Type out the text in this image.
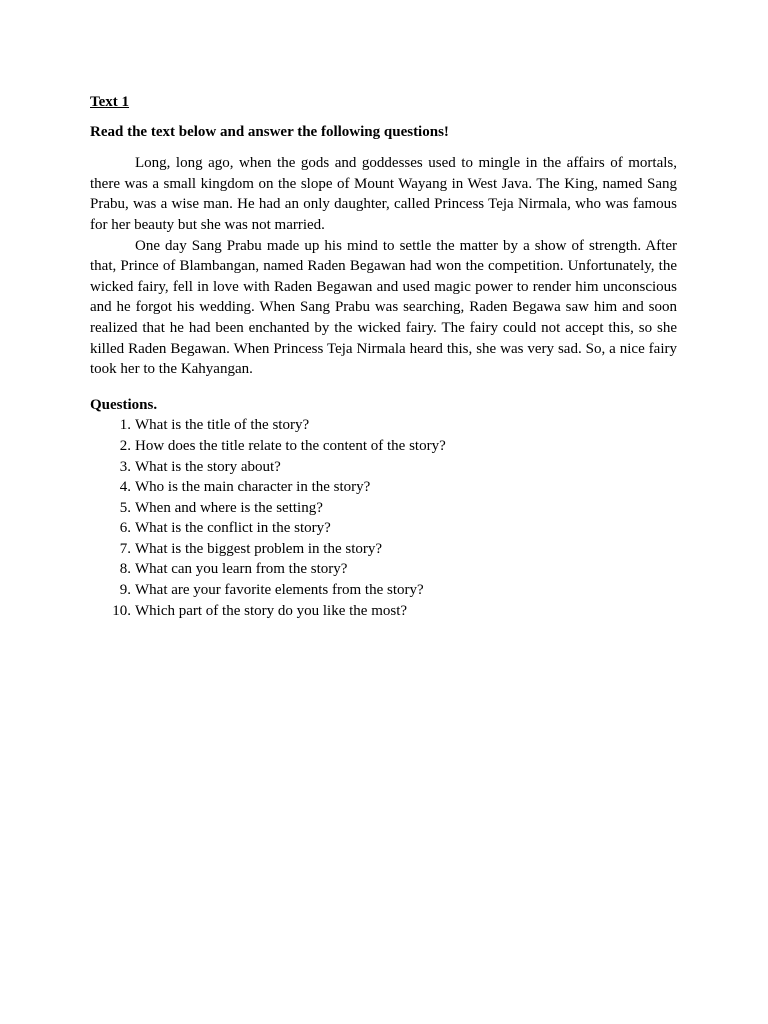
Text 1

Read the text below and answer the following questions!

Long, long ago, when the gods and goddesses used to mingle in the affairs of mortals, there was a small kingdom on the slope of Mount Wayang in West Java. The King, named Sang Prabu, was a wise man. He had an only daughter, called Princess Teja Nirmala, who was famous for her beauty but she was not married.

One day Sang Prabu made up his mind to settle the matter by a show of strength. After that, Prince of Blambangan, named Raden Begawan had won the competition. Unfortunately, the wicked fairy, fell in love with Raden Begawan and used magic power to render him unconscious and he forgot his wedding. When Sang Prabu was searching, Raden Begawa saw him and soon realized that he had been enchanted by the wicked fairy. The fairy could not accept this, so she killed Raden Begawan. When Princess Teja Nirmala heard this, she was very sad. So, a nice fairy took her to the Kahyangan.

Questions.

1. What is the title of the story?
2. How does the title relate to the content of the story?
3. What is the story about?
4. Who is the main character in the story?
5. When and where is the setting?
6. What is the conflict in the story?
7. What is the biggest problem in the story?
8. What can you learn from the story?
9. What are your favorite elements from the story?
10. Which part of the story do you like the most?
